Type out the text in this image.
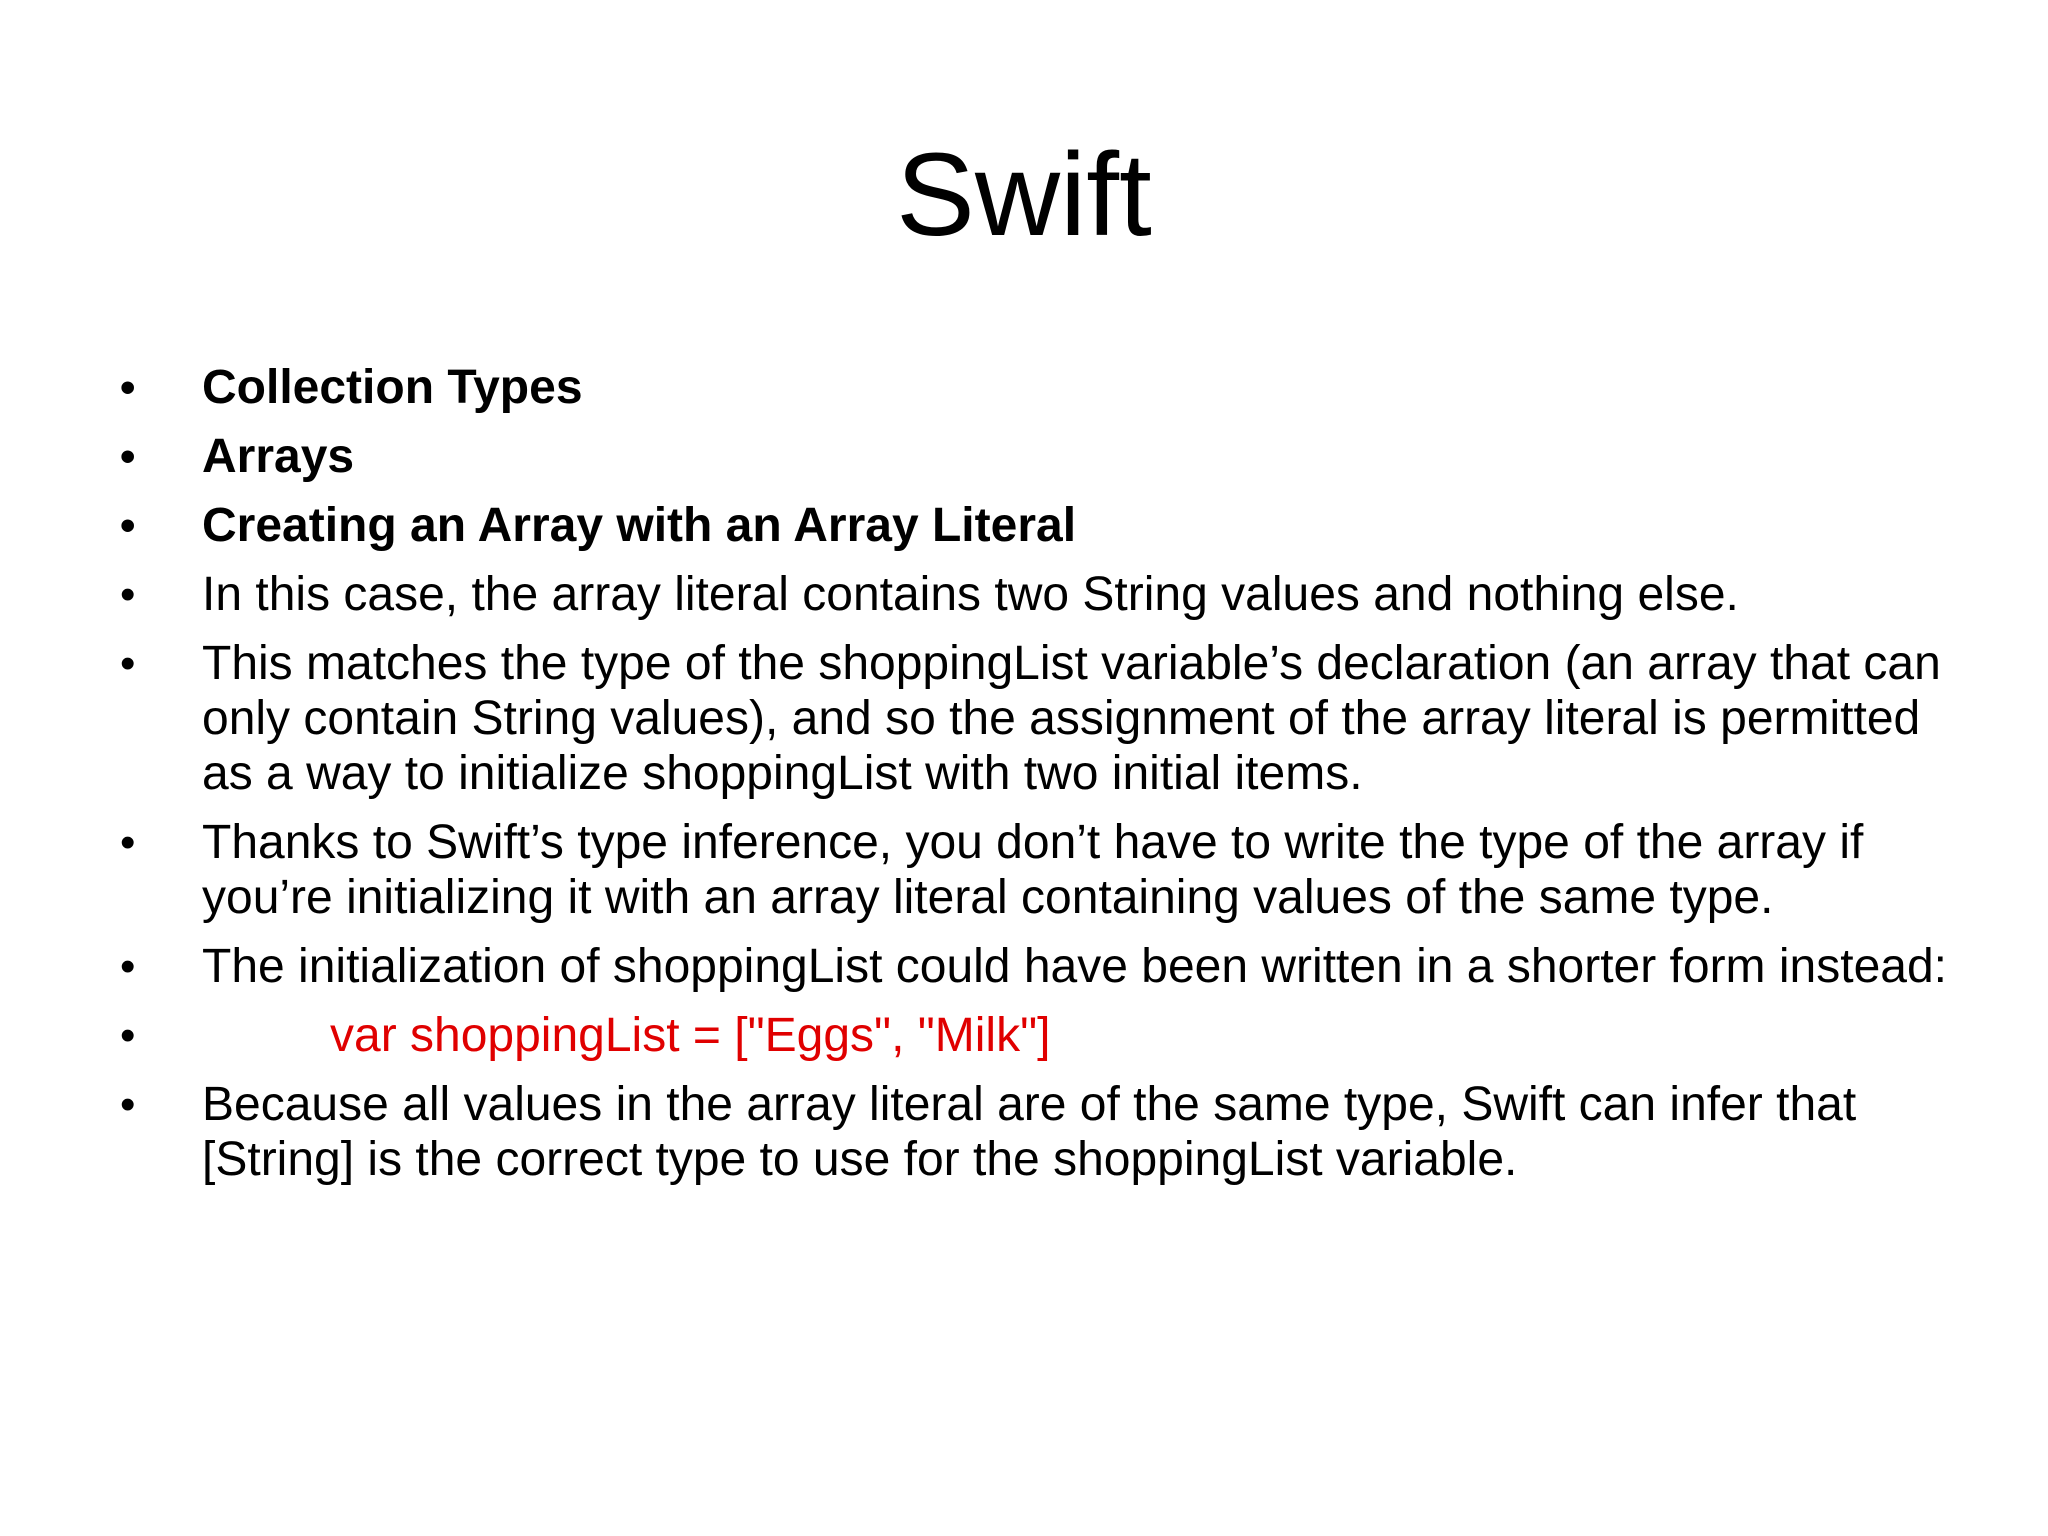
Swift
•	Collection Types
•	Arrays
•	Creating an Array with an Array Literal
•	In this case, the array literal contains two String values and nothing else.
•	This matches the type of the shoppingList variable’s declaration (an array that can only contain String values), and so the assignment of the array literal is permitted as a way to initialize shoppingList with two initial items.
•	Thanks to Swift’s type inference, you don’t have to write the type of the array if you’re initializing it with an array literal containing values of the same type.
•	The initialization of shoppingList could have been written in a shorter form instead:
•	var shoppingList = ["Eggs", "Milk"]
•	Because all values in the array literal are of the same type, Swift can infer that [String] is the correct type to use for the shoppingList variable.
